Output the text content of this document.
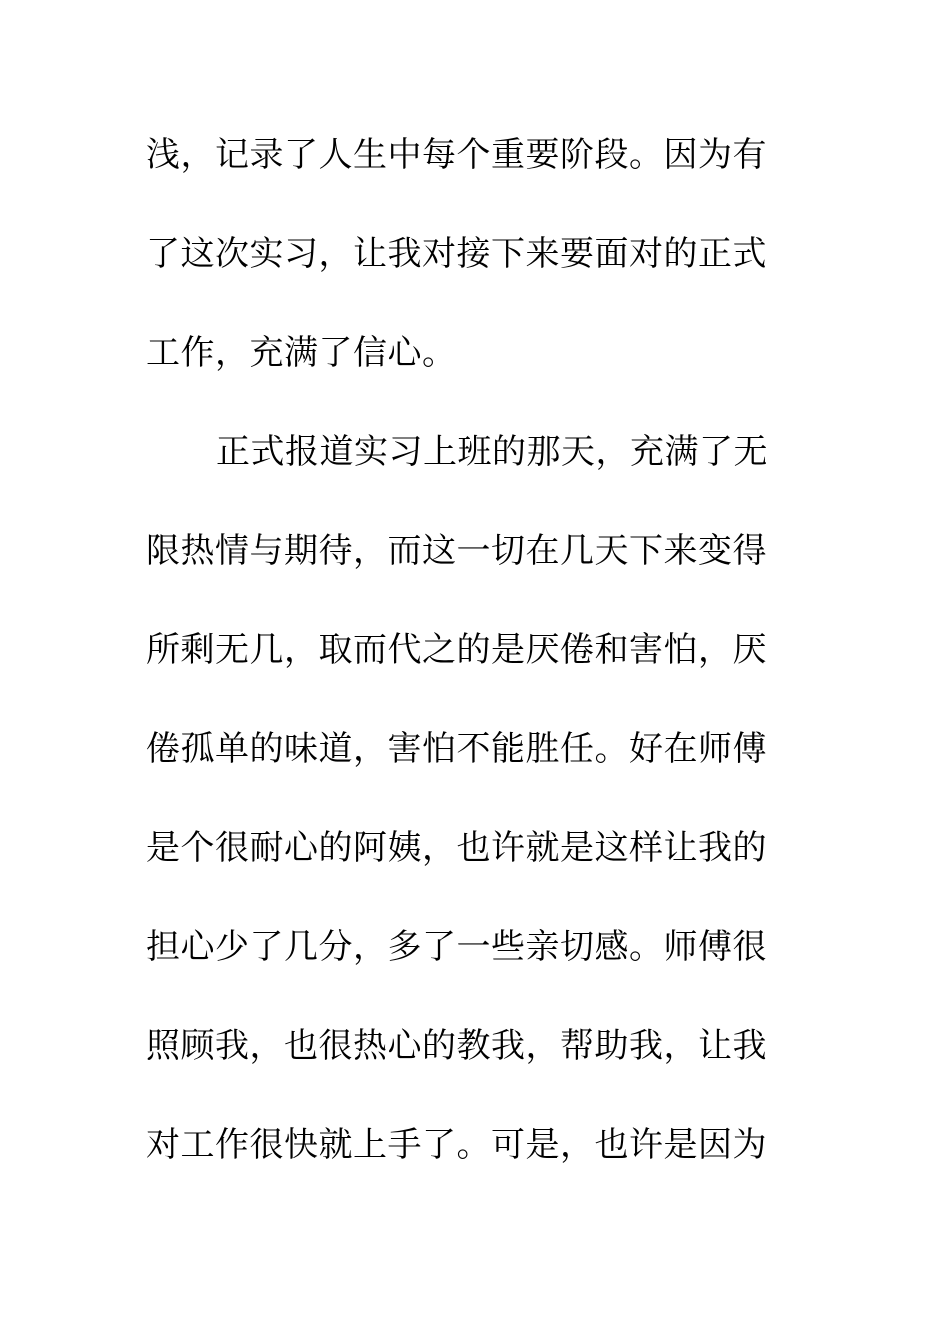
浅，记录了人生中每个重要阶段。因为有
了这次实习，让我对接下来要面对的正式
工作，充满了信心。
正式报道实习上班的那天，充满了无
限热情与期待，而这一切在几天下来变得
所剩无几，取而代之的是厌倦和害怕，厌
倦孤单的味道，害怕不能胜任。好在师傅
是个很耐心的阿姨，也许就是这样让我的
担心少了几分，多了一些亲切感。师傅很
照顾我，也很热心的教我，帮助我，让我
对工作很快就上手了。可是，也许是因为
